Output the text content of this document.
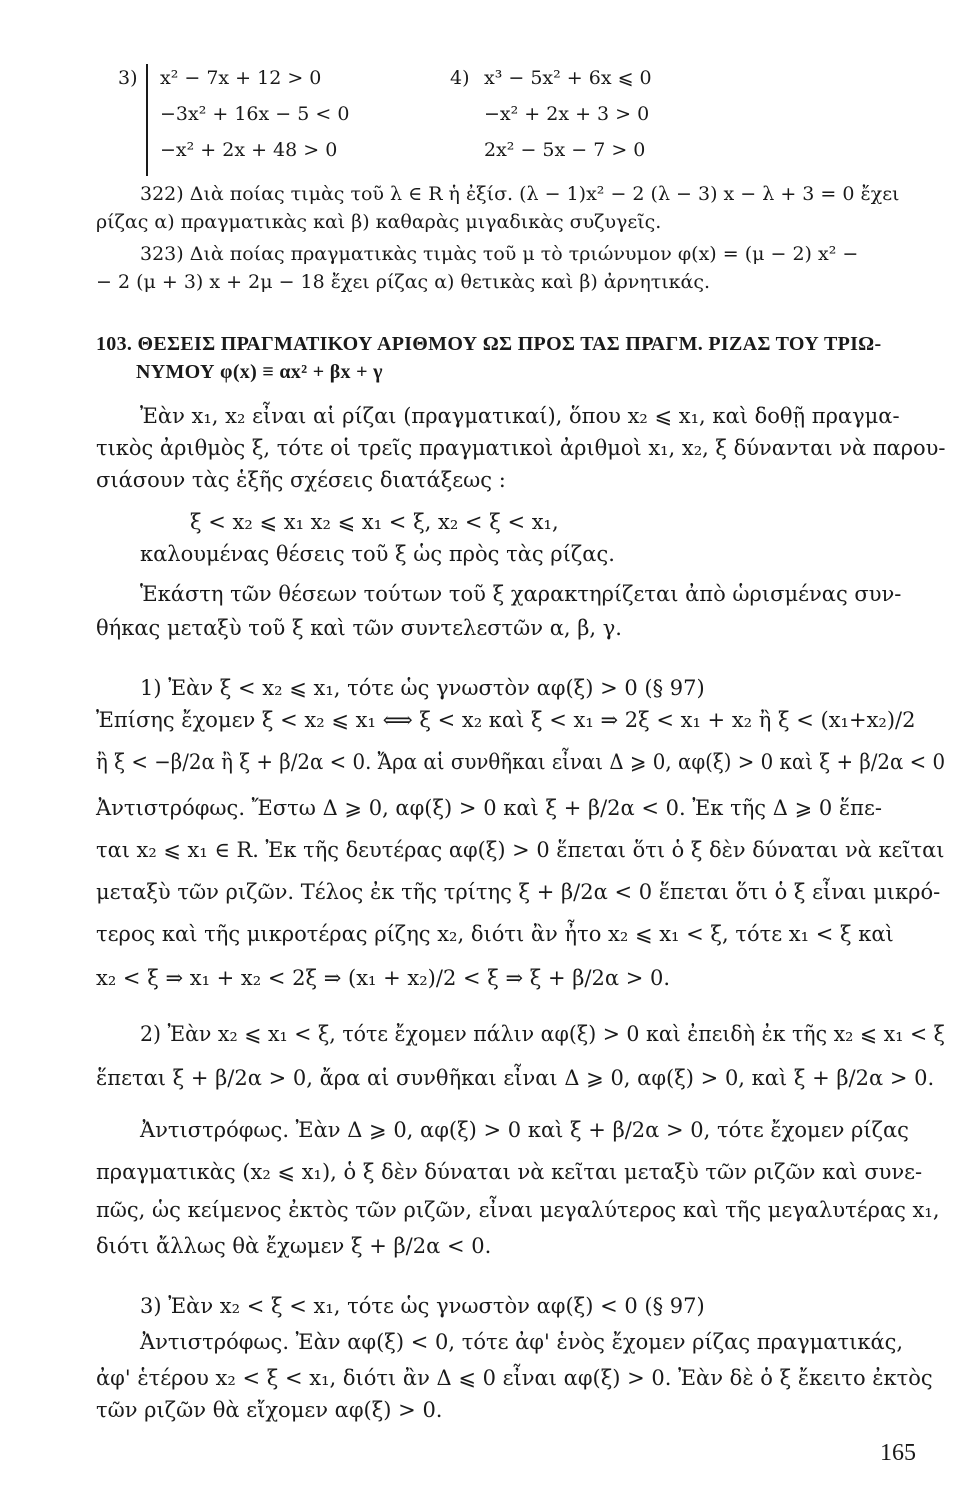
3) x² − 7x + 12 > 0
−3x² + 16x − 5 < 0
−x² + 2x + 48 > 0
4) x³ − 5x² + 6x ⩽ 0
−x² + 2x + 3 > 0
2x² − 5x − 7 > 0
322) Διὰ ποίας τιμὰς τοῦ λ ∈ R ἡ ἐξίσ. (λ − 1)x² − 2 (λ − 3) x − λ + 3 = 0 ἔχει
ρίζας α) πραγματικὰς καὶ β) καθαρὰς μιγαδικὰς συζυγεῖς.
323) Διὰ ποίας πραγματικὰς τιμὰς τοῦ μ τὸ τριώνυμον φ(x) = (μ − 2) x² −
− 2 (μ + 3) x + 2μ − 18 ἔχει ρίζας α) θετικὰς καὶ β) ἀρνητικάς.
103. ΘΕΣΕΙΣ ΠΡΑΓΜΑΤΙΚΟΥ ΑΡΙΘΜΟΥ ΩΣ ΠΡΟΣ ΤΑΣ ΠΡΑΓΜ. ΡΙΖΑΣ ΤΟΥ ΤΡΙΩ-
ΝΥΜΟΥ φ(x) ≡ αx² + βx + γ
Ἐὰν x₁, x₂ εἶναι αἱ ρίζαι (πραγματικαί), ὅπου x₂ ⩽ x₁, καὶ δοθῇ πραγμα-
τικὸς ἀριθμὸς ξ, τότε οἱ τρεῖς πραγματικοὶ ἀριθμοὶ x₁, x₂, ξ δύνανται νὰ παρου-
σιάσουν τὰς ἑξῆς σχέσεις διατάξεως :
ξ < x₂ ⩽ x₁ x₂ ⩽ x₁ < ξ, x₂ < ξ < x₁,
καλουμένας θέσεις τοῦ ξ ὡς πρὸς τὰς ρίζας.
Ἑκάστη τῶν θέσεων τούτων τοῦ ξ χαρακτηρίζεται ἀπὸ ὡρισμένας συν-
θήκας μεταξὺ τοῦ ξ καὶ τῶν συντελεστῶν α, β, γ.
1) Ἐὰν ξ < x₂ ⩽ x₁, τότε ὡς γνωστὸν αφ(ξ) > 0 (§ 97)
Ἐπίσης ἔχομεν ξ < x₂ ⩽ x₁ ⟺ ξ < x₂ καὶ ξ < x₁ ⇒ 2ξ < x₁ + x₂ ἢ ξ < (x₁+x₂)/2
ἢ ξ < −β/2α ἢ ξ + β/2α < 0. Ἄρα αἱ συνθῆκαι εἶναι Δ ⩾ 0, αφ(ξ) > 0 καὶ ξ + β/2α < 0
Ἀντιστρόφως. Ἔστω Δ ⩾ 0, αφ(ξ) > 0 καὶ ξ + β/2α < 0. Ἐκ τῆς Δ ⩾ 0 ἕπε-
ται x₂ ⩽ x₁ ∈ R. Ἐκ τῆς δευτέρας αφ(ξ) > 0 ἕπεται ὅτι ὁ ξ δὲν δύναται νὰ κεῖται
μεταξὺ τῶν ριζῶν. Τέλος ἐκ τῆς τρίτης ξ + β/2α < 0 ἕπεται ὅτι ὁ ξ εἶναι μικρό-
τερος καὶ τῆς μικροτέρας ρίζης x₂, διότι ἂν ἦτο x₂ ⩽ x₁ < ξ, τότε x₁ < ξ καὶ
x₂ < ξ ⇒ x₁ + x₂ < 2ξ ⇒ (x₁ + x₂)/2 < ξ ⇒ ξ + β/2α > 0.
2) Ἐὰν x₂ ⩽ x₁ < ξ, τότε ἔχομεν πάλιν αφ(ξ) > 0 καὶ ἐπειδὴ ἐκ τῆς x₂ ⩽ x₁ < ξ
ἕπεται ξ + β/2α > 0, ἄρα αἱ συνθῆκαι εἶναι Δ ⩾ 0, αφ(ξ) > 0, καὶ ξ + β/2α > 0.
Ἀντιστρόφως. Ἐὰν Δ ⩾ 0, αφ(ξ) > 0 καὶ ξ + β/2α > 0, τότε ἔχομεν ρίζας
πραγματικὰς (x₂ ⩽ x₁), ὁ ξ δὲν δύναται νὰ κεῖται μεταξὺ τῶν ριζῶν καὶ συνε-
πῶς, ὡς κείμενος ἐκτὸς τῶν ριζῶν, εἶναι μεγαλύτερος καὶ τῆς μεγαλυτέρας x₁,
διότι ἄλλως θὰ ἔχωμεν ξ + β/2α < 0.
3) Ἐὰν x₂ < ξ < x₁, τότε ὡς γνωστὸν αφ(ξ) < 0 (§ 97)
Ἀντιστρόφως. Ἐὰν αφ(ξ) < 0, τότε ἀφ' ἑνὸς ἔχομεν ρίζας πραγματικάς,
ἀφ' ἑτέρου x₂ < ξ < x₁, διότι ἂν Δ ⩽ 0 εἶναι αφ(ξ) > 0. Ἐὰν δὲ ὁ ξ ἔκειτο ἐκτὸς
τῶν ριζῶν θὰ εἴχομεν αφ(ξ) > 0.
165
